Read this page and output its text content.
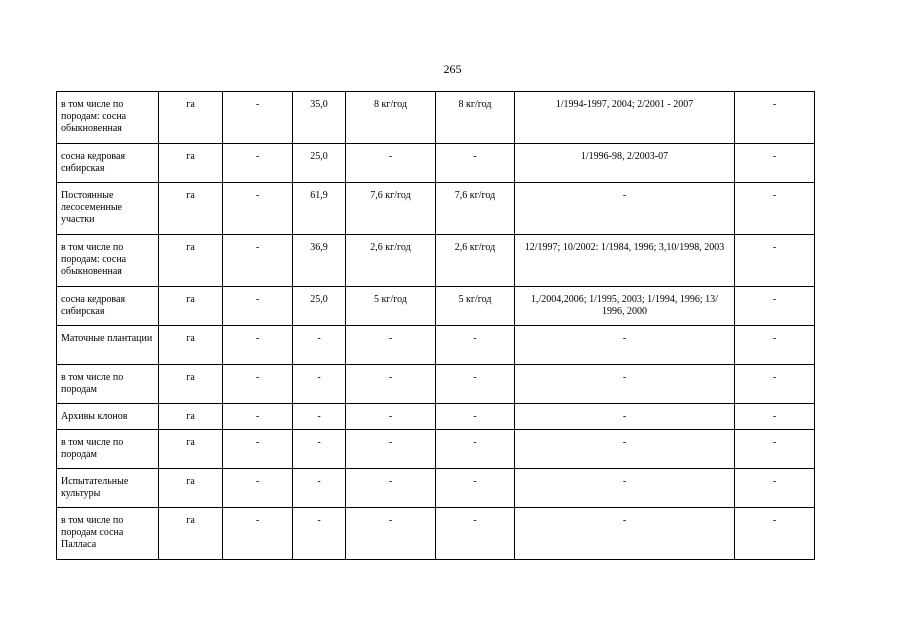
265
в том числе по породам: сосна обыкновенная	га	-	35,0	8 кг/год	8 кг/год	1/1994-1997, 2004; 2/2001 - 2007	-
сосна кедровая сибирская	га	-	25,0	-	-	1/1996-98, 2/2003-07	-
Постоянные лесосеменные участки	га	-	61,9	7,6 кг/год	7,6 кг/год	-	-
в том числе по породам: сосна обыкновенная	га	-	36,9	2,6 кг/год	2,6 кг/год	12/1997; 10/2002: 1/1984, 1996; 3,10/1998, 2003	-
сосна кедровая сибирская	га	-	25,0	5 кг/год	5 кг/год	1,/2004,2006; 1/1995, 2003; 1/1994, 1996; 13/ 1996, 2000	-
Маточные плантации	га	-	-	-	-	-	-
в том числе по породам	га	-	-	-	-	-	-
Архивы клонов	га	-	-	-	-	-	-
в том числе по породам	га	-	-	-	-	-	-
Испытательные культуры	га	-	-	-	-	-	-
в том числе по породам сосна Палласа	га	-	-	-	-	-	-
